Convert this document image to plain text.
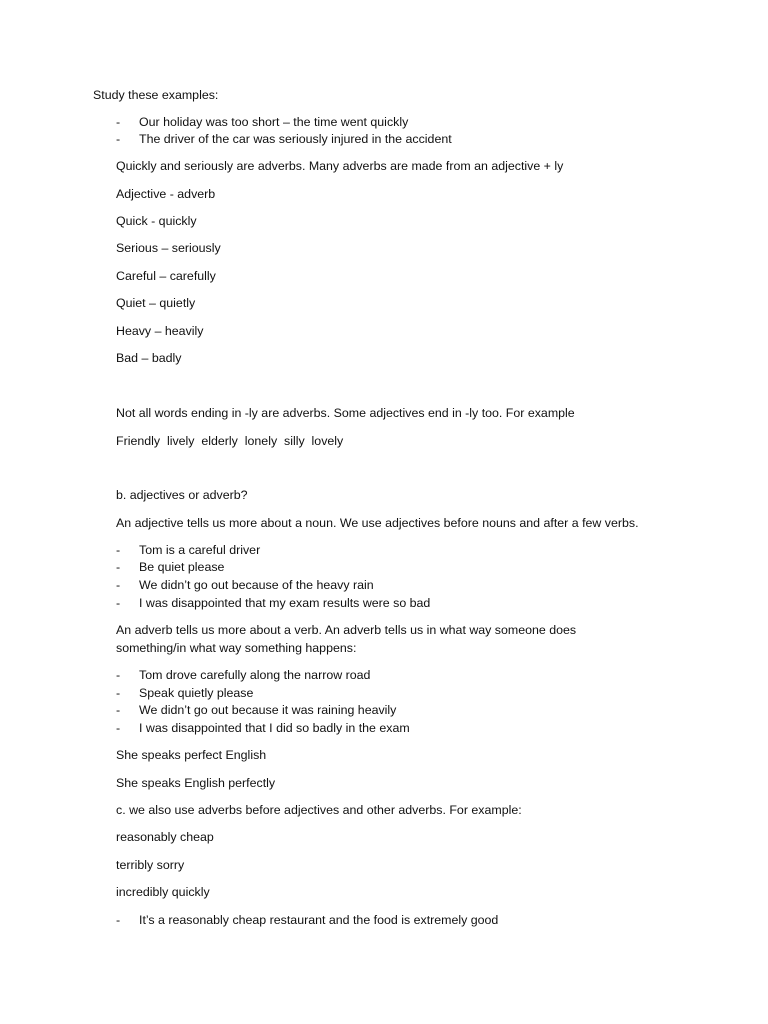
Study these examples:

- Our holiday was too short – the time went quickly

- The driver of the car was seriously injured in the accident

Quickly and seriously are adverbs. Many adverbs are made from an adjective + ly

Adjective - adverb

Quick - quickly

Serious – seriously

Careful – carefully

Quiet – quietly

Heavy – heavily

Bad – badly

Not all words ending in -ly are adverbs. Some adjectives end in -ly too. For example

Friendly  lively  elderly  lonely  silly  lovely

b. adjectives or adverb?

An adjective tells us more about a noun. We use adjectives before nouns and after a few verbs.

- Tom is a careful driver

- Be quiet please

- We didn’t go out because of the heavy rain

- I was disappointed that my exam results were so bad

An adverb tells us more about a verb. An adverb tells us in what way someone does

something/in what way something happens:

- Tom drove carefully along the narrow road

- Speak quietly please

- We didn’t go out because it was raining heavily

- I was disappointed that I did so badly in the exam

She speaks perfect English

She speaks English perfectly

c. we also use adverbs before adjectives and other adverbs. For example:

reasonably cheap

terribly sorry

incredibly quickly

- It’s a reasonably cheap restaurant and the food is extremely good
